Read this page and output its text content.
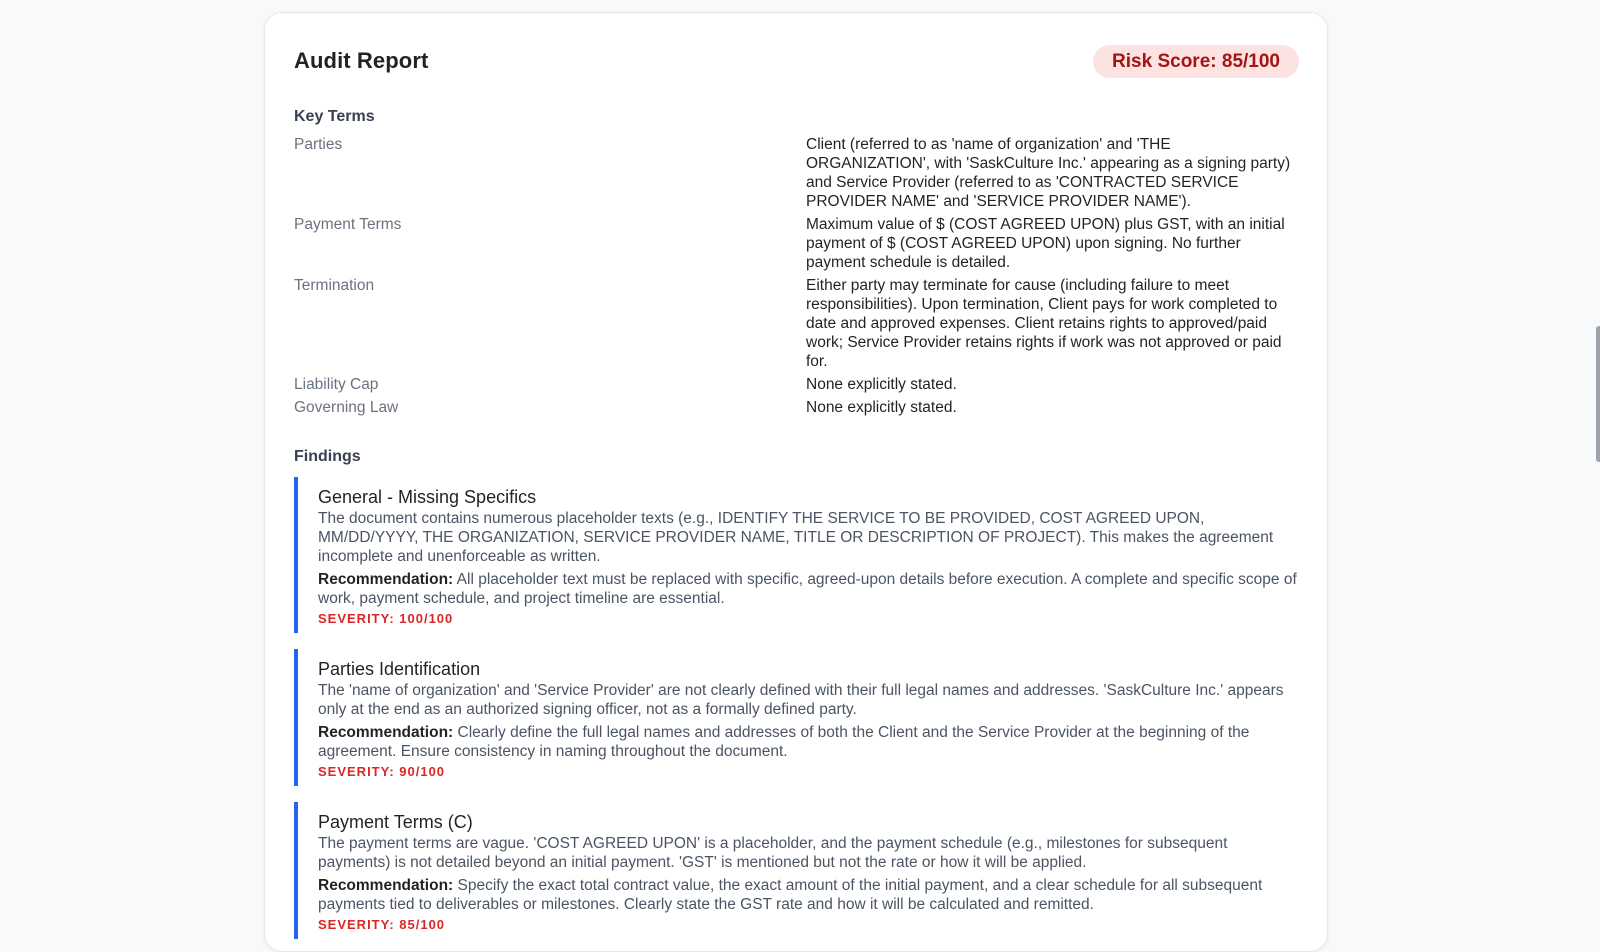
Audit Report	Risk Score: 85/100
Key Terms
Parties	Client (referred to as 'name of organization' and 'THE ORGANIZATION', with 'SaskCulture Inc.' appearing as a signing party) and Service Provider (referred to as 'CONTRACTED SERVICE PROVIDER NAME' and 'SERVICE PROVIDER NAME').
Payment Terms	Maximum value of $ (COST AGREED UPON) plus GST, with an initial payment of $ (COST AGREED UPON) upon signing. No further payment schedule is detailed.
Termination	Either party may terminate for cause (including failure to meet responsibilities). Upon termination, Client pays for work completed to date and approved expenses. Client retains rights to approved/paid work; Service Provider retains rights if work was not approved or paid for.
Liability Cap	None explicitly stated.
Governing Law	None explicitly stated.
Findings
General - Missing Specifics
The document contains numerous placeholder texts (e.g., IDENTIFY THE SERVICE TO BE PROVIDED, COST AGREED UPON, MM/DD/YYYY, THE ORGANIZATION, SERVICE PROVIDER NAME, TITLE OR DESCRIPTION OF PROJECT). This makes the agreement incomplete and unenforceable as written.
Recommendation: All placeholder text must be replaced with specific, agreed-upon details before execution. A complete and specific scope of work, payment schedule, and project timeline are essential.
SEVERITY: 100/100
Parties Identification
The 'name of organization' and 'Service Provider' are not clearly defined with their full legal names and addresses. 'SaskCulture Inc.' appears only at the end as an authorized signing officer, not as a formally defined party.
Recommendation: Clearly define the full legal names and addresses of both the Client and the Service Provider at the beginning of the agreement. Ensure consistency in naming throughout the document.
SEVERITY: 90/100
Payment Terms (C)
The payment terms are vague. 'COST AGREED UPON' is a placeholder, and the payment schedule (e.g., milestones for subsequent payments) is not detailed beyond an initial payment. 'GST' is mentioned but not the rate or how it will be applied.
Recommendation: Specify the exact total contract value, the exact amount of the initial payment, and a clear schedule for all subsequent payments tied to deliverables or milestones. Clearly state the GST rate and how it will be calculated and remitted.
SEVERITY: 85/100
